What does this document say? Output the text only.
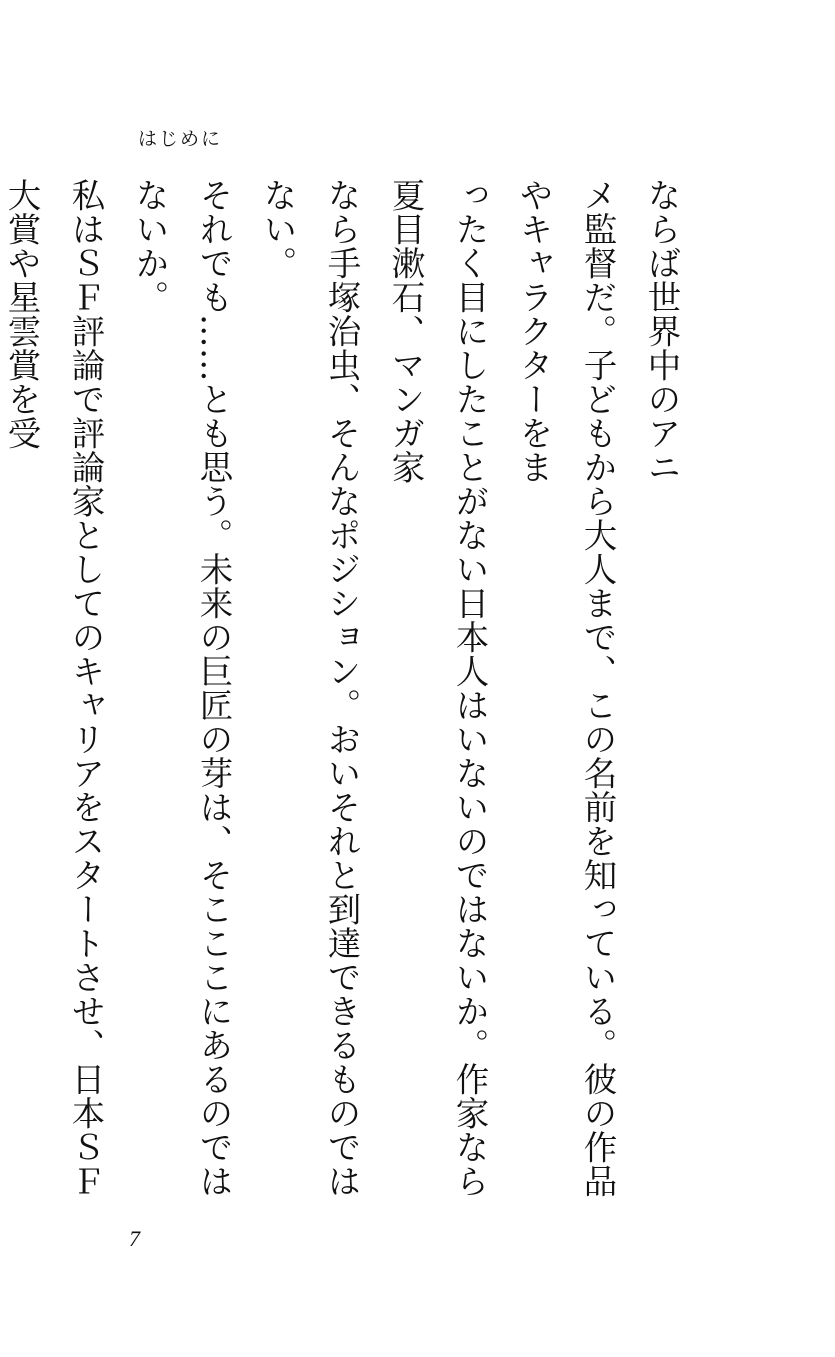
はじめに
ならば世界中のアニ
メ監督だ。子どもから大人まで、この名前を知っている。彼の作品やキャラクターをま
ったく目にしたことがない日本人はいないのではないか。作家なら夏目漱石、マンガ家
なら手塚治虫、そんなポジション。おいそれと到達できるものではない。
それでも……とも思う。未来の巨匠の芽は、そこここにあるのではないか。
私はＳＦ評論で評論家としてのキャリアをスタートさせ、日本ＳＦ大賞や星雲賞を受

7
